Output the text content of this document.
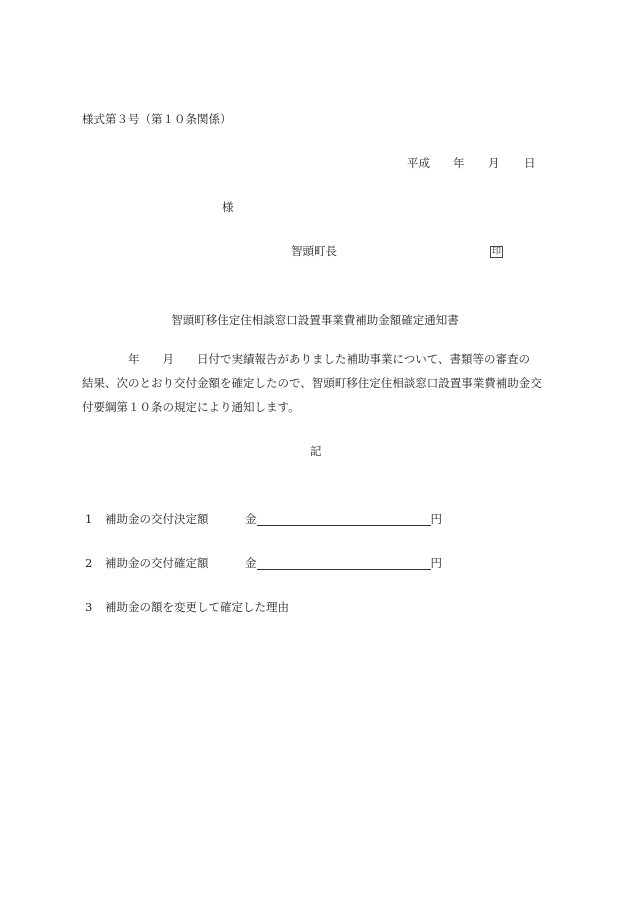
様式第３号（第１０条関係）
平成 年 月 日
様
智頭町長	印
智頭町移住定住相談窓口設置事業費補助金額確定通知書
年　　月　　日付で実績報告がありました補助事業について、書類等の審査の
結果、次のとおり交付金額を確定したので、智頭町移住定住相談窓口設置事業費補助金交
付要綱第１０条の規定により通知します。
記
1 補助金の交付決定額	金	円
2 補助金の交付確定額	金	円
3 補助金の額を変更して確定した理由
